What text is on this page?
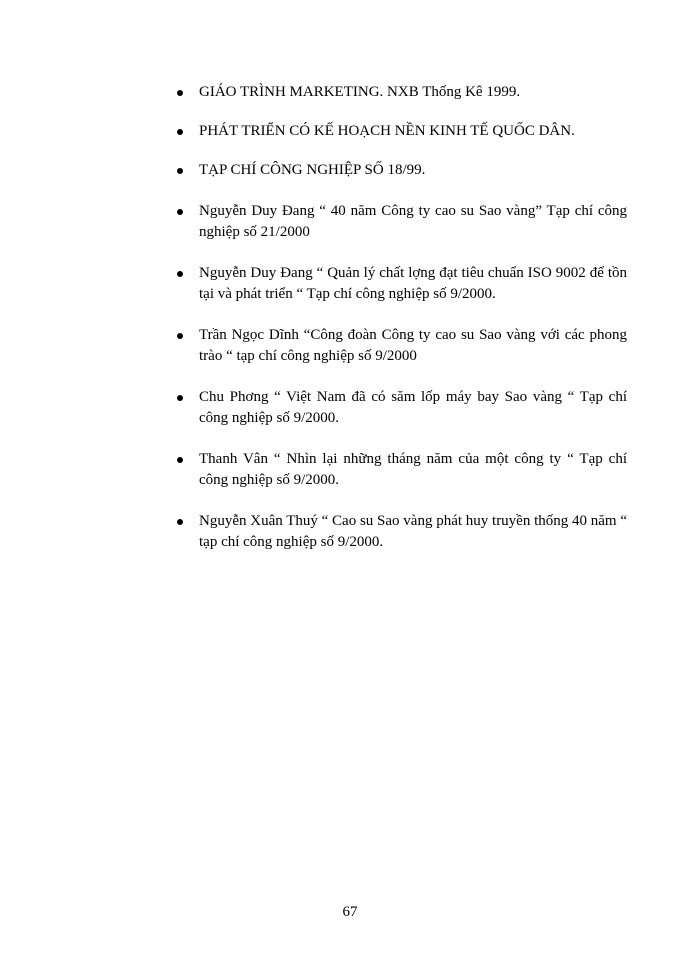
GIÁO TRÌNH MARKETING. NXB Thống Kê 1999.
PHÁT TRIỂN CÓ KẾ HOẠCH NỀN KINH TẾ QUỐC DÂN.
TẠP CHÍ CÔNG NGHIỆP SỐ 18/99.
Nguyễn Duy Đang “ 40 năm Công ty cao su Sao vàng” Tạp chí công nghiệp số 21/2000
Nguyễn Duy Đang “ Quản lý chất lợng đạt tiêu chuẩn ISO 9002 để tồn tại và phát triển “ Tạp chí công nghiệp số 9/2000.
Trần Ngọc Dĩnh “Công đoàn Công ty cao su Sao vàng với các phong trào “ tạp chí công nghiệp số 9/2000
Chu Phơng “ Việt Nam đã có săm lốp máy bay Sao vàng “ Tạp chí công nghiệp số 9/2000.
Thanh Vân “ Nhìn lại những tháng năm của một công ty “ Tạp chí công nghiệp số 9/2000.
Nguyễn Xuân Thuý “ Cao su Sao vàng phát huy truyền thống 40 năm “ tạp chí công nghiệp số 9/2000.
67
